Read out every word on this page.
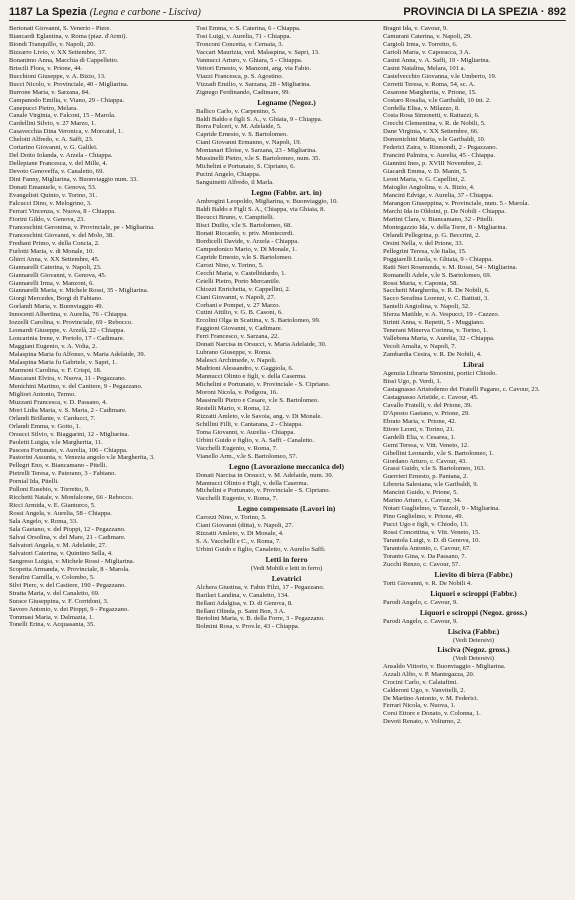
1187 La Spezia (Legna e carbone - Lisciva)	PROVINCIA DI LA SPEZIA · 892
Bertonati Giovanni, S. Venerio - Piere.
Biancardi Eglantina, v. Roma (piaz. d'Armi).
Biondi Tranquillo, v. Napoli, 20.
Bizzarro Livio, v. XX Settembre, 37.
Bonanimo Anna, Macchia di Cappelletto.
Briscili Flora, v. Prione, 44.
Bucchioni Giuseppe, v. A. Bizio, 13.
Bucci Nicolo, v. Provinciale, 40 - Migliarina.
Burrone Maria, v. Sarzana, 84.
Campanodo Emilia, v. Viano, 29 - Chiappa.
Canepucci Pietro, Melara.
Canale Virginia, v. Falconi, 15 - Marola.
Cardellini Silvio, v. 27 Marzo, 1.
Casavecchia Dina Veronica, v. Morcatel, 1.
Chelotti Alfredo, v. A. Saffi, 23.
Cortarino Giovanni, v. G. Galilei.
Del Dotto Iolanda, v. Arzela - Chiappa.
Dellepiane Francesca, v. del Mille, 4.
Devoto Genoveffa, v. Canaletto, 69.
Dini Fanny, Migliarina, v. Buonviaggio num. 33.
Donati Emanuele, v. Genova, 53.
Evangelisti Quinto, v. Torino, 31.
Falcucci Dino, v. Melogrino, 3.
Ferrari Vincenza, v. Nuova, 8 - Chiappa.
Fiorini Gildo, v. Genova, 23.
Franceschini Geronima, v. Provinciale, pe - Migliarina.
Franceschini Giovanni, v. del Molo, 38.
Frediani Primo, v. della Concia, 2.
Furlotti Maria, v. di Monale, 10.
Ghirri Anna, v. XX Settembre, 45.
Giannarelli Caterina, v. Napoli, 23.
Giannarelli Giovanni, v. Genova, 45.
Giannarelli Irma, v. Manzoni, 6.
Giannarelli Maria, v. Michele Rossi, 35 - Migliarina.
Giorgi Mercedes, Borgi di Fabiano.
Gorlandi Maria, v. Buonviaggio 49.
Innocenti Albertina, v. Aurelia, 76 - Chiappa.
Iozzelli Carolina, v. Provinciale, 69 - Rebocco.
Leonardi Giuseppe, v. Arzelà, 22 - Chiappa.
Loncarinia Irene, v. Portolo, 17 - Cadimare.
Maggiani Eugenio, v. A. Volta, 2.
Malaspina Maria fu Alfonso, v. Maria Adelaide, 39.
Malaspina Maria fu Gabriele, v. Sapri, 1.
Marmoni Carolina, v. F. Crispi, 18.
Mascarani Elvira, v. Nuova, 11 - Pegazzano.
Menichini Martino, v. del Cantiere, 9 - Pegazzano.
Migliori Antonio, Termo.
Muzzani Francesca, v. D. Passano, 4.
Mori Lidia Maria, v. S. Maria, 2 - Cadimare.
Orlandi Brillante, v. Carducci, 7.
Orlandi Emma, v. Goito, 1.
Orsucci Silvio, v. Biaggarini, 12 - Migliarina.
Paoletti Luigia, v.le Margherita, 11.
Pascera Fortunato, v. Aurelia, 106 - Chiappa.
Pastorini Assunta, v. Venezia angolo v.le Margherita, 3.
Pellegri Eno, v. Biancamano - Pitelli.
Pietrelli Teresa, v. Paterano, 3 - Fabiano.
Pornial Ida, Pitelli.
Pulloni Eusebio, v. Torretto, 9.
Ricchetti Natale, v. Monfalcone, 66 - Rebocco.
Ricci Armida, v. E. Gianturco, 5.
Rossi Angela, v. Aurelia, 58 - Chiappa.
Sala Angelo, v. Roma, 33.
Sala Gaetano, v. del Pioppi, 12 - Pegazzano.
Salvai Orsolina, v. del Mare, 21 - Cadimare.
Salvatori Angela, v. M. Adelaide, 27.
Salvatori Caterina, v. Quintino Sella, 4.
Sangreso Luigia, v. Michele Rossi - Migliarina.
Scopetta Armanda, v. Provinciale, 8 - Marola.
Serafini Camilla, v. Colombo, 5.
Silvi Pierc, v. del Castiere, 190 - Pegazzano.
Stratta Maria, v. del Canaletto, 69.
Surace Giuseppina, v. F. Corridoni, 3.
Savoro Antonio, v. dei Pioppi, 9 - Pegazzano.
Tommasi Maria, v. Dalmazia, 1.
Tonelli Erina, v. Acquasanta, 35.
Tosi Emma, v. S. Caterina, 6 - Chiappa.
Tosi Luigi, v. Aurelia, 71 - Chiappa.
Tronconi Concetta, v. Cernaia, 3.
Vaccari Maurizia, ved. Malaspina, v. Sapri, 13.
Vannucci Arturo, v. Ghiara, 5 - Chiappa.
Vettori Ernesto, v. Manzoni, ang. via Fabio.
Viazzi Francesca, p. S. Agostino.
Vizzadi Emilio, v. Sarzana, 28 - Migliarina.
Zignego Ferdinando, Cadimare, 99.
Legname (Negoz.)
Ballico Carlo, v. Carpenino, 5.
Baldi Baldo e figli S. A., v. Ghiaia, 9 - Chiappa.
Borra Fulceri, v. M. Adelaide, 5.
Capride Ernesto, v. S. Bartolomeo.
Ciani Giovanni Ermanno, v. Napoli, 19.
Montanari Eloise, v. Sarzana, 23 - Migliarina.
Mussinelli Pietro, v.le S. Bartolomeo, num. 35.
Michelini e Portunato, S. Cipriano, 6.
Pucini Angelo, Chiappa.
Sanguinetti Alfredo, il Marla.
Legno (Fabbr. art. in)
Ambrogini Leopoldo, Migliarina, v. Buonviaggio, 10.
Baldi Baldo e Figli S. A., Chiappa, via Ghiaia, 8.
Becucci Bruno, v. Campitelli.
Bisci Duilio, v.le S. Bartolomeo, 68.
Bonati Riccardo, v. priv. Montecerdi.
Bordicelli Davide, v. Arzela - Chiappa.
Campodonico Mario, v. Di Monale, 1.
Capride Ernesto, v.le S. Bartolomeo.
Carozi Nino, v. Torino, 5.
Cecchi Maria, v. Castelbidardo, 1.
Cetelli Pietro, Porto Mercantile.
Chiozzi Enrichetta, v. Cappellini, 2.
Ciani Giovanni, v. Napoli, 27.
Corbani e Pompei, v. 27 Marzo.
Cutini Attilio, v. G. B. Casoni, 6.
Ercolini Olga in Scattina, v. S. Bartolomeo, 99.
Faggioni Giovanni, v. Cadimare.
Ferri Francesco, v. Sarzana, 22.
Donati Narcisa in Orsucci, v. Maria Adelaide, 30.
Lubrano Giuseppe, v. Roma.
Malesci Archimede, v. Napoli.
Madrioni Alessandro, v. Gaggiola, 6.
Mannucci Olinto e figli, v. della Caserma.
Michelini e Portunato, v. Provinciale - S. Cipriano.
Moroni Nicola, v. Podgora, 16.
Massinelli Pietro e Cesare, v.le S. Bartolomeo.
Restelli Mario, v. Roma, 12.
Rizzatti Amleto, v.le Savoia, ang. v. Di Monale.
Schillini Filli, v. Cantarana, 2 - Chiappa.
Toma Giovanni, v. Aurelia - Chiappa.
Urbini Guido e figlio, v. A. Saffi - Canaletto.
Vacchelli Eugenio, v. Roma, 7.
Vianello Arm., v.le S. Bartolomeo, 57.
Legno (Lavorazione meccanica del)
Donati Narcisa in Orsucci, v. M. Adelaide, num. 30.
Mannucci Olinto e Figli, v. della Caserma.
Michelini e Portunato, v. Provinciale - S. Cipriano.
Vacchelli Eugenio, v. Roma, 7.
Legno compensato (Lavori in)
Carozzi Nino, v. Torino, 5.
Ciani Giovanni (ditta), v. Napoli, 27.
Rizzatti Amleto, v. Di Monale, 4.
S. A. Vacchelli e C., v. Roma, 7.
Urbini Guido e figlio, Canaletto, v. Aurelio Saffi.
Letti in ferro
(Vedi Mobili e letti in ferro)
Levatrici
Alchera Giustina, v. Fabio Filzi, 17 - Pegazzano.
Barilari Landina, v. Canaletto, 134.
Bellani Adalgisa, v. D. di Genova, 8.
Bellani Olinda, p. Saint Bon, 3 A.
Bertolini Maria, v. B. della Forre, 3 - Pegazzano.
Bolmini Rosa, v. Prov.le, 43 - Chiappa.
Bragni Ida, v. Cavour, 9.
Camurani Caterina, v. Napoli, 29.
Cargioli Irma, v. Torretto, 6.
Carioli Maria, v. Caporacca, 3 A.
Casini Anna, v. A. Saffi, 19 - Migliarina.
Casini Natalina, Melara, 101 a.
Castelvecchio Giovanna, v.le Umberto, 19.
Cerretti Teresa, v. Roma, 54, sc. A.
Cesarone Margherita, v. Prione, 15.
Costaro Rosalia, v.le Garibaldi, 10 int. 2.
Cordella Elisa, v. Milazzo, 8.
Costa Rosa Simonetti, v. Rattazzi, 6.
Crecchi Clementina, v. R. de Nobili, 5.
Dane Virginia, v. XX Settembre, 66.
Domenichini Maria, v.le Garibaldi, 10.
Federici Zaira, v. Rismondi, 2 - Pegazzano.
Francini Palmira, v. Aurelia, 45 - Chiappa.
Giannini Ines, p. XVIII Novembre, 2.
Giacardi Emma, v. D. Manin, 5.
Leoni Maria, v. G. Capellini, 2.
Maioglio Angiolina, v. A. Bizio, 4.
Mancini Edvige, v. Aurelia, 37 - Chiappa.
Marangon Giuseppina, v. Provinciale, num. 5 - Marola.
Marchi Ida in Oldoini, p. De Nobili - Chiappa.
Martini Clara, v. Biancamano, 32 - Pitelli.
Montegazzio Ida, v. della Torre, 8 - Migliarina.
Orlandi Pellegrina, p. G. Beccrini, 2.
Orsini Nella, v. del Prione, 33.
Pellegrini Teresa, v.le Italia, 15.
Poggiarelli Lisola, v. Ghiaia, 9 - Chiappa.
Ratti Neri Rosmunda, v. M. Rossi, 54 - Migliarina.
Romanelli Adele, v.le S. Bartolomeo, 69.
Rossi Maria, v. Caponia, 58.
Sacchetti Margherita, v. R. De Nobili, 6.
Sacco Serafina Lorenzi, v. C. Battisti, 3.
Santelli Angiolina, v. Napoli, 32.
Sferza Matilde, v. A. Vespucci, 19 - Cazzeo.
Strinti Anna, v. Repetti, 5 - Muggiano.
Tenerani Minerva Corinna, v. Torino, 1.
Vallebona Maria, v. Aurelia, 32 - Chiappa.
Vecoli Amalia, v. Napoli, 7.
Zambardia Cesira, v. R. De Nobili, 4.
Librai
Agenzia Libraria Simonini, portici Chiodo.
Bissi Ugo, p. Verdi, 1.
Castagnasso Aristodemo dei Fratelli Pagano, c. Cavour, 23.
Castagnasso Aristide, c. Cavour, 45.
Cavallo Fratelli, v. del Prione, 39.
D'Aposto Gaetano, v. Prione, 29.
Ebrato Maria, v. Prione, 42.
Ettore Leoni, v. Torino, 21.
Gardelli Elia, v. Cesarea, 1.
Gerni Teresa, v. Vitt. Veneto, 12.
Gibellini Leonardo, v.le S. Bartolomeo, 1.
Giordano Arturo, c. Cavour, 43.
Grassi Guido, v.le S. Bartolomeo, 163.
Guerrieri Ernesto, p. Pantana, 2.
Libreria Salesiana, v.le Garibaldi, 9.
Mancini Guido, v. Prione, 5.
Marino Arturo, c. Cavour, 34.
Notari Guglielmo, v. Tazzoli, 9 - Migliarina.
Pino Guglielmo, v. Prione, 49.
Pucci Ugo e figli, v. Chiodo, 13.
Rossi Concettina, v. Vitt. Veneto, 15.
Tarantola Luigi, v. D. di Genova, 10.
Tarantola Antonio, c. Cavour, 67.
Toranto Gina, v. Da Passano, 7.
Zucchi Renzo, c. Cavour, 57.
Lievito di birra (Fabbr.)
Torti Giovanni, v. R. De Nobili 4.
Liquori e sciroppi (Fabbr.)
Parodi Angelo, c. Cavour, 9.
Liquori e sciroppi (Negoz. gross.)
Parodi Angelo, c. Cavour, 9.
Lisciva (Fabbr.)
(Vedi Detersivi)
Lisciva (Negoz. gross.)
(Vedi Detersivi)
Ansaldo Vittorio, v. Buonviaggio - Migliarina.
Azzali Alfio, v. P. Mantegazza, 20.
Crocini Carlo, v. Calatafimi.
Calderoni Ugo, v. Vanvitelli, 2.
De Martino Antonio, v. M. Federici.
Ferrari Nicola, v. Nuova, 1.
Corsi Ettore e Donato, v. Colonna, 1.
Devoti Renato, v. Volturno, 2.
